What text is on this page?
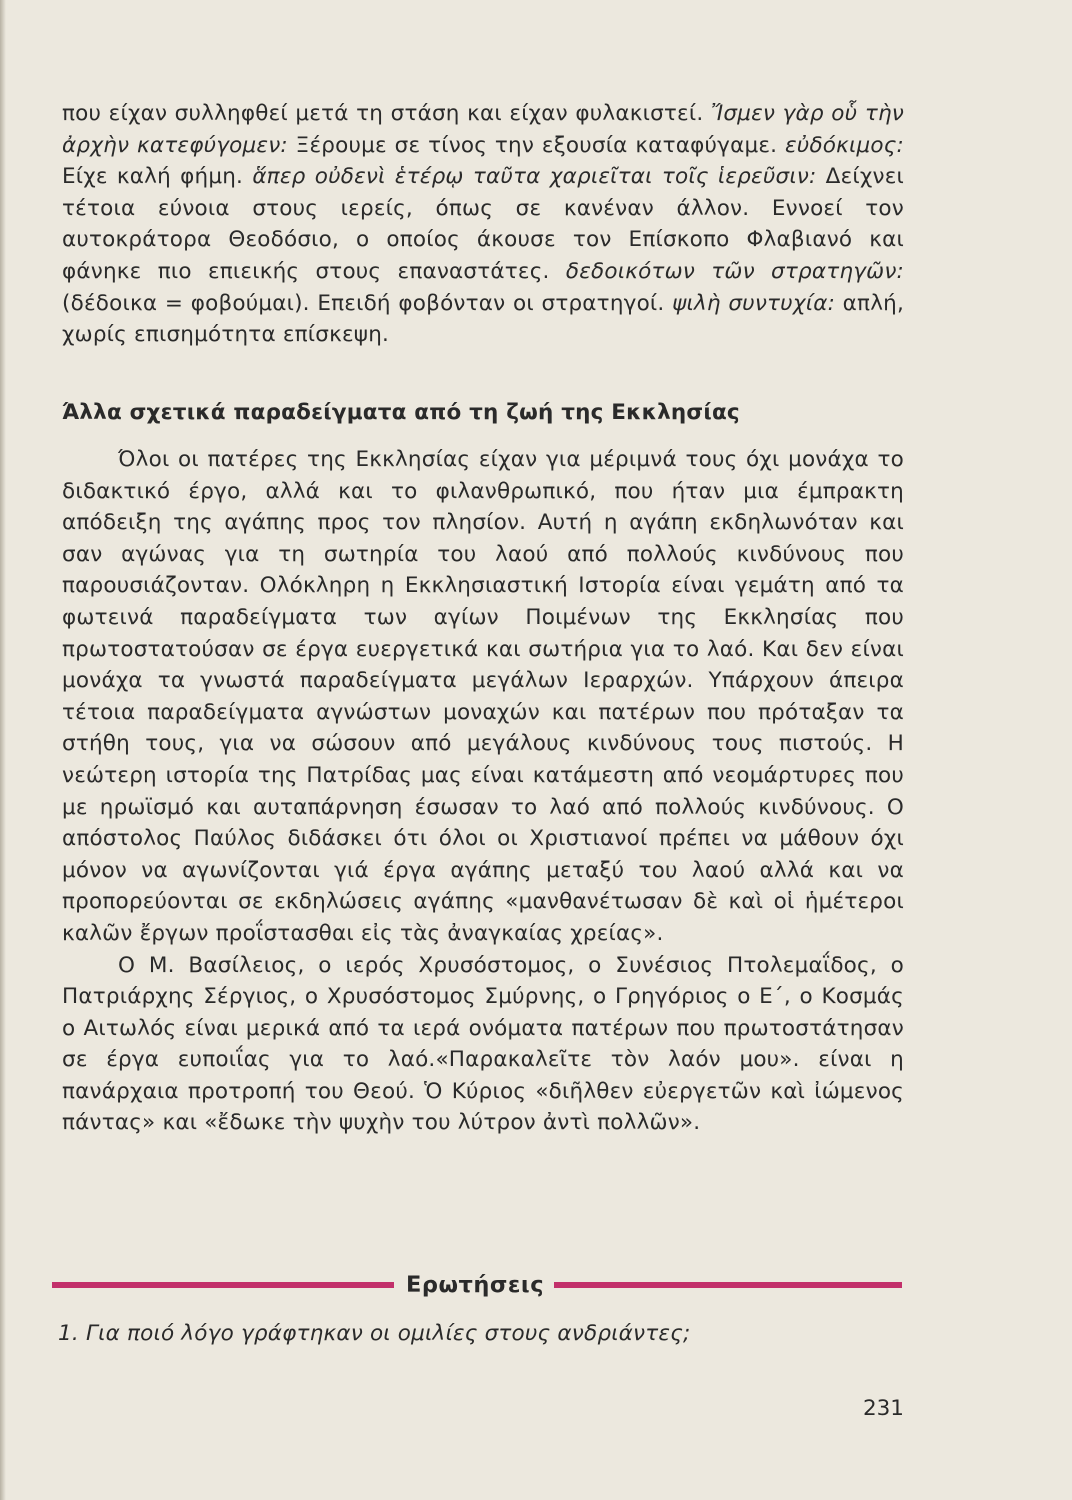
που είχαν συλληφθεί μετά τη στάση και είχαν φυλακιστεί. Ἴσμεν γὰρ οὗ τὴν ἀρχὴν κατεφύγομεν: Ξέρουμε σε τίνος την εξουσία καταφύγαμε. εὐδόκιμος: Είχε καλή φήμη. ἅπερ οὐδενὶ ἑτέρῳ ταῦτα χαριεῖται τοῖς ἱερεῦσιν: Δείχνει τέτοια εύνοια στους ιερείς, όπως σε κανέναν άλλον. Εννοεί τον αυτοκράτορα Θεοδόσιο, ο οποίος άκουσε τον Επίσκοπο Φλαβιανό και φάνηκε πιο επιεικής στους επαναστάτες. δεδοικότων τῶν στρατηγῶν: (δέδοικα = φοβούμαι). Επειδή φοβόνταν οι στρατηγοί. ψιλὴ συντυχία: απλή, χωρίς επισημότητα επίσκεψη.

Άλλα σχετικά παραδείγματα από τη ζωή της Εκκλησίας

Όλοι οι πατέρες της Εκκλησίας είχαν για μέριμνά τους όχι μονάχα το διδακτικό έργο, αλλά και το φιλανθρωπικό, που ήταν μια έμπρακτη απόδειξη της αγάπης προς τον πλησίον. Αυτή η αγάπη εκδηλωνόταν και σαν αγώνας για τη σωτηρία του λαού από πολλούς κινδύνους που παρουσιάζονταν. Ολόκληρη η Εκκλησιαστική Ιστορία είναι γεμάτη από τα φωτεινά παραδείγματα των αγίων Ποιμένων της Εκκλησίας που πρωτοστατούσαν σε έργα ευεργετικά και σωτήρια για το λαό. Και δεν είναι μονάχα τα γνωστά παραδείγματα μεγάλων Ιεραρχών. Υπάρχουν άπειρα τέτοια παραδείγματα αγνώστων μοναχών και πατέρων που πρόταξαν τα στήθη τους, για να σώσουν από μεγάλους κινδύνους τους πιστούς. Η νεώτερη ιστορία της Πατρίδας μας είναι κατάμεστη από νεομάρτυρες που με ηρωϊσμό και αυταπάρνηση έσωσαν το λαό από πολλούς κινδύνους. Ο απόστολος Παύλος διδάσκει ότι όλοι οι Χριστιανοί πρέπει να μάθουν όχι μόνον να αγωνίζονται γιά έργα αγάπης μεταξύ του λαού αλλά και να προπορεύονται σε εκδηλώσεις αγάπης «μανθανέτωσαν δὲ καὶ οἱ ἡμέτεροι καλῶν ἔργων προΐστασθαι εἰς τὰς ἀναγκαίας χρείας».

Ο Μ. Βασίλειος, ο ιερός Χρυσόστομος, ο Συνέσιος Πτολεμαΐδος, ο Πατριάρχης Σέργιος, ο Χρυσόστομος Σμύρνης, ο Γρηγόριος ο Ε΄, ο Κοσμάς ο Αιτωλός είναι μερικά από τα ιερά ονόματα πατέρων που πρωτοστάτησαν σε έργα ευποιΐας για το λαό.«Παρακαλεῖτε τὸν λαόν μου». είναι η πανάρχαια προτροπή του Θεού. Ὁ Κύριος «διῆλθεν εὐεργετῶν καὶ ἰώμενος πάντας» και «ἔδωκε τὴν ψυχὴν του λύτρον ἀντὶ πολλῶν».

Ερωτήσεις
1. Για ποιό λόγο γράφτηκαν οι ομιλίες στους ανδριάντες;
231
